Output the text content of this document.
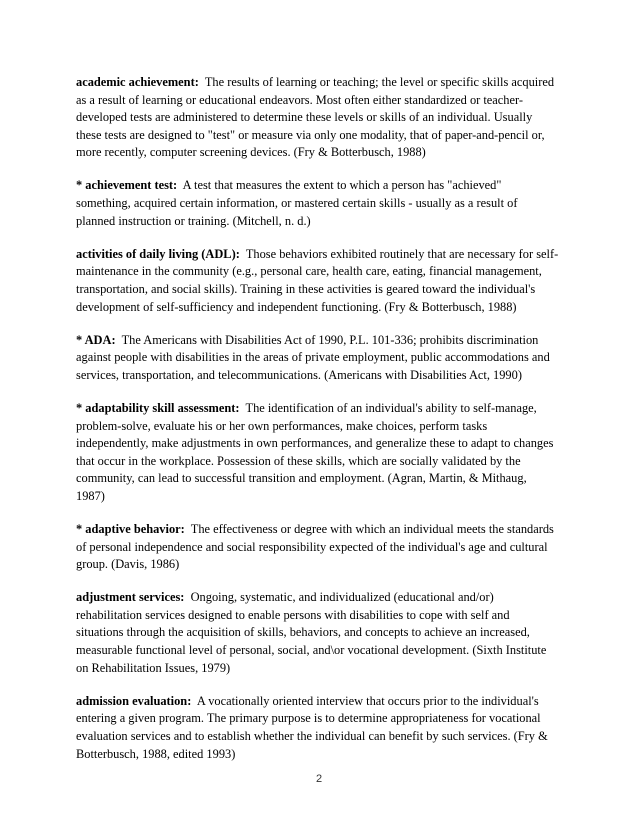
academic achievement: The results of learning or teaching; the level or specific skills acquired
as a result of learning or educational endeavors. Most often either standardized or teacher-
developed tests are administered to determine these levels or skills of an individual. Usually
these tests are designed to "test" or measure via only one modality, that of paper-and-pencil or,
more recently, computer screening devices. (Fry & Botterbusch, 1988)
* achievement test: A test that measures the extent to which a person has "achieved"
something, acquired certain information, or mastered certain skills - usually as a result of
planned instruction or training. (Mitchell, n. d.)
activities of daily living (ADL): Those behaviors exhibited routinely that are necessary for self-
maintenance in the community (e.g., personal care, health care, eating, financial management,
transportation, and social skills). Training in these activities is geared toward the individual's
development of self-sufficiency and independent functioning. (Fry & Botterbusch, 1988)
* ADA: The Americans with Disabilities Act of 1990, P.L. 101-336; prohibits discrimination
against people with disabilities in the areas of private employment, public accommodations and
services, transportation, and telecommunications. (Americans with Disabilities Act, 1990)
* adaptability skill assessment: The identification of an individual's ability to self-manage,
problem-solve, evaluate his or her own performances, make choices, perform tasks
independently, make adjustments in own performances, and generalize these to adapt to changes
that occur in the workplace. Possession of these skills, which are socially validated by the
community, can lead to successful transition and employment. (Agran, Martin, & Mithaug,
1987)
* adaptive behavior: The effectiveness or degree with which an individual meets the standards
of personal independence and social responsibility expected of the individual's age and cultural
group. (Davis, 1986)
adjustment services: Ongoing, systematic, and individualized (educational and/or)
rehabilitation services designed to enable persons with disabilities to cope with self and
situations through the acquisition of skills, behaviors, and concepts to achieve an increased,
measurable functional level of personal, social, and\or vocational development. (Sixth Institute
on Rehabilitation Issues, 1979)
admission evaluation: A vocationally oriented interview that occurs prior to the individual's
entering a given program. The primary purpose is to determine appropriateness for vocational
evaluation services and to establish whether the individual can benefit by such services. (Fry &
Botterbusch, 1988, edited 1993)
2
